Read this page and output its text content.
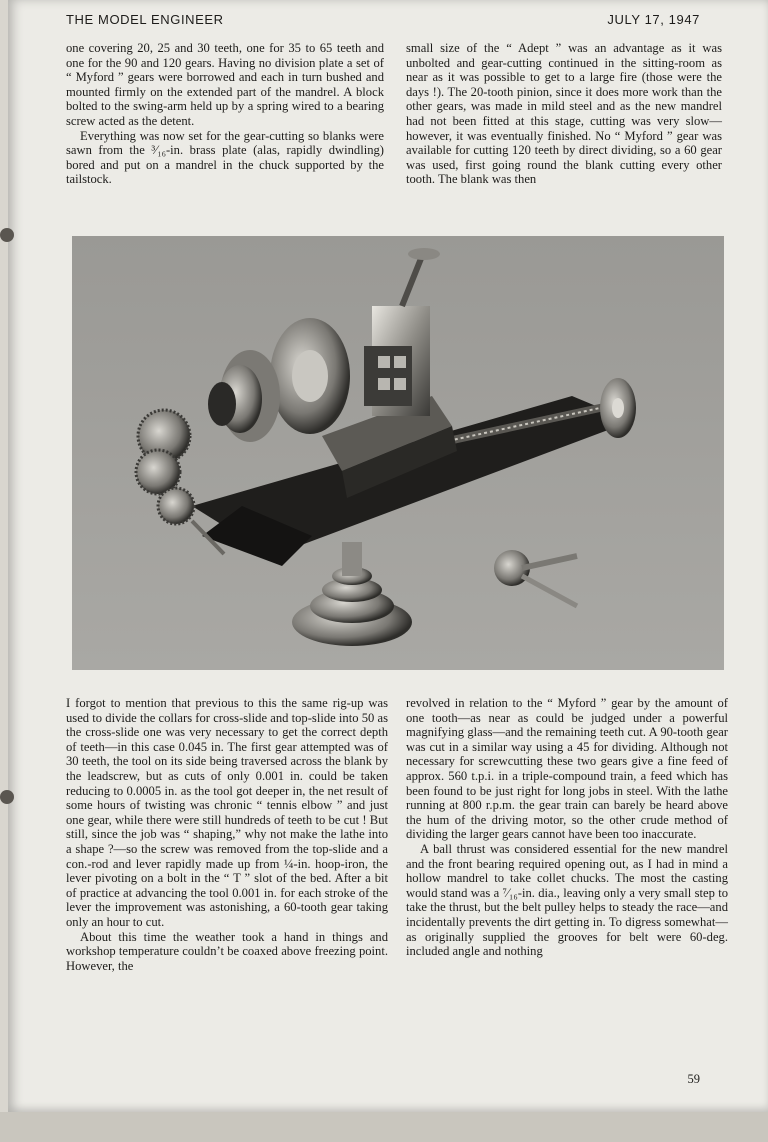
THE MODEL ENGINEER	JULY 17, 1947

one covering 20, 25 and 30 teeth, one for 35 to 65 teeth and one for the 90 and 120 gears. Having no division plate a set of “ Myford ” gears were borrowed and each in turn bushed and mounted firmly on the extended part of the mandrel. A block bolted to the swing-arm held up by a spring wired to a bearing screw acted as the detent.

Everything was now set for the gear-cutting so blanks were sawn from the ³⁄₁₆-in. brass plate (alas, rapidly dwindling) bored and put on a mandrel in the chuck supported by the tailstock.

small size of the “ Adept ” was an advantage as it was unbolted and gear-cutting continued in the sitting-room as near as it was possible to get to a large fire (those were the days !). The 20-tooth pinion, since it does more work than the other gears, was made in mild steel and as the new mandrel had not been fitted at this stage, cutting was very slow—however, it was eventually finished. No “ Myford ” gear was available for cutting 120 teeth by direct dividing, so a 60 gear was used, first going round the blank cutting every other tooth. The blank was then

I forgot to mention that previous to this the same rig-up was used to divide the collars for cross-slide and top-slide into 50 as the cross-slide one was very necessary to get the correct depth of teeth—in this case 0.045 in. The first gear attempted was of 30 teeth, the tool on its side being traversed across the blank by the leadscrew, but as cuts of only 0.001 in. could be taken reducing to 0.0005 in. as the tool got deeper in, the net result of some hours of twisting was chronic “ tennis elbow ” and just one gear, while there were still hundreds of teeth to be cut ! But still, since the job was “ shaping,” why not make the lathe into a shape ?—so the screw was removed from the top-slide and a con.-rod and lever rapidly made up from ¼-in. hoop-iron, the lever pivoting on a bolt in the “ T ” slot of the bed. After a bit of practice at advancing the tool 0.001 in. for each stroke of the lever the improvement was astonishing, a 60-tooth gear taking only an hour to cut.

About this time the weather took a hand in things and workshop temperature couldn’t be coaxed above freezing point. However, the

revolved in relation to the “ Myford ” gear by the amount of one tooth—as near as could be judged under a powerful magnifying glass—and the remaining teeth cut. A 90-tooth gear was cut in a similar way using a 45 for dividing. Although not necessary for screwcutting these two gears give a fine feed of approx. 560 t.p.i. in a triple-compound train, a feed which has been found to be just right for long jobs in steel. With the lathe running at 800 r.p.m. the gear train can barely be heard above the hum of the driving motor, so the other crude method of dividing the larger gears cannot have been too inaccurate.

A ball thrust was considered essential for the new mandrel and the front bearing required opening out, as I had in mind a hollow mandrel to take collet chucks. The most the casting would stand was a ⁷⁄₁₆-in. dia., leaving only a very small step to take the thrust, but the belt pulley helps to steady the race—and incidentally prevents the dirt getting in. To digress somewhat—as originally supplied the grooves for belt were 60-deg. included angle and nothing

59
